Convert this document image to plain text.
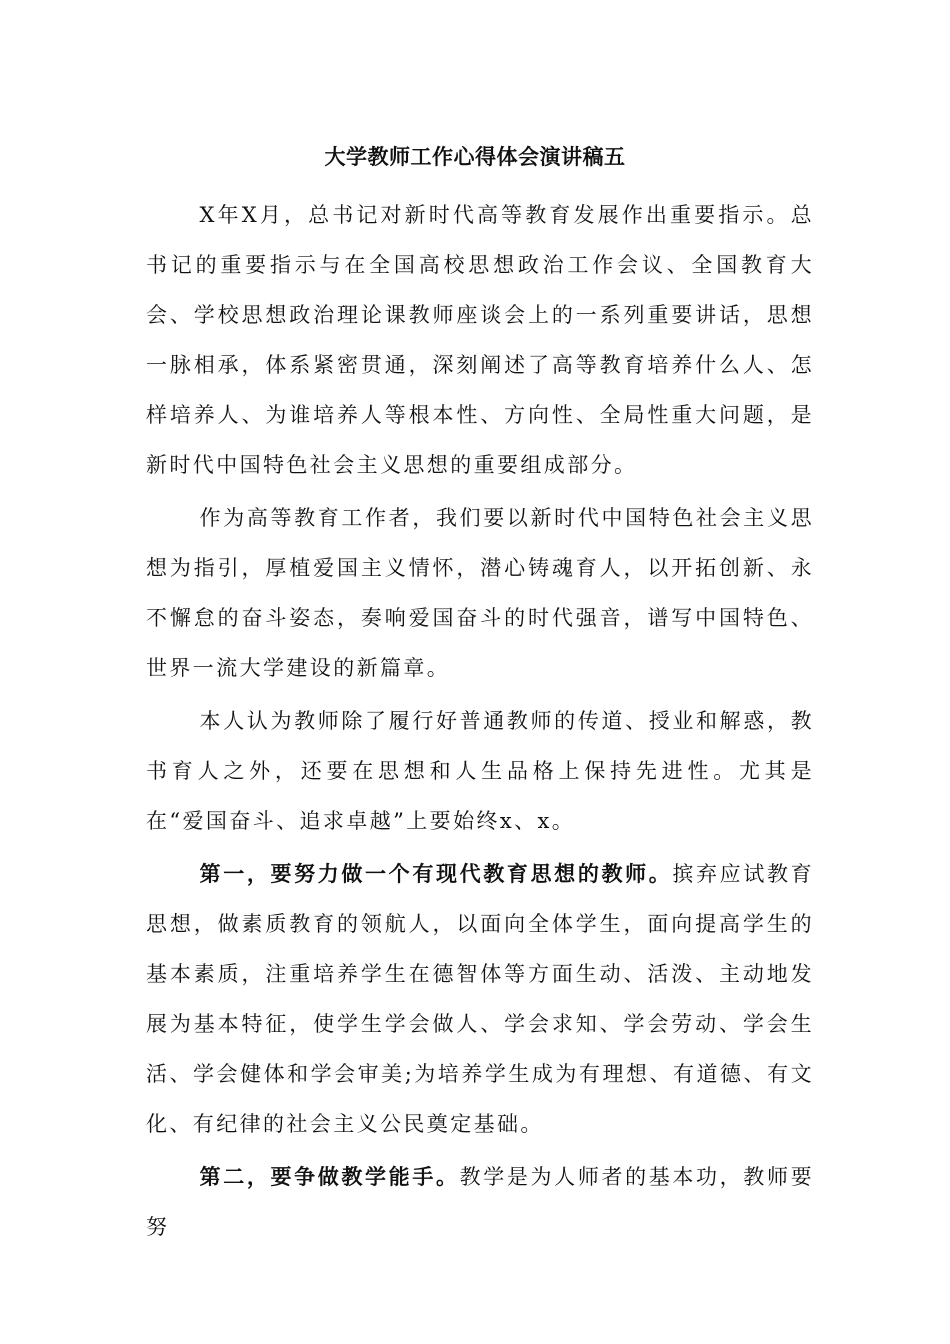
大学教师工作心得体会演讲稿五

X年X月，总书记对新时代高等教育发展作出重要指示。总书记的重要指示与在全国高校思想政治工作会议、全国教育大会、学校思想政治理论课教师座谈会上的一系列重要讲话，思想一脉相承，体系紧密贯通，深刻阐述了高等教育培养什么人、怎样培养人、为谁培养人等根本性、方向性、全局性重大问题，是新时代中国特色社会主义思想的重要组成部分。

作为高等教育工作者，我们要以新时代中国特色社会主义思想为指引，厚植爱国主义情怀，潜心铸魂育人，以开拓创新、永不懈怠的奋斗姿态，奏响爱国奋斗的时代强音，谱写中国特色、世界一流大学建设的新篇章。

本人认为教师除了履行好普通教师的传道、授业和解惑，教书育人之外，还要在思想和人生品格上保持先进性。尤其是在“爱国奋斗、追求卓越”上要始终x、x。

第一，要努力做一个有现代教育思想的教师。摈弃应试教育思想，做素质教育的领航人，以面向全体学生，面向提高学生的基本素质，注重培养学生在德智体等方面生动、活泼、主动地发展为基本特征，使学生学会做人、学会求知、学会劳动、学会生活、学会健体和学会审美;为培养学生成为有理想、有道德、有文化、有纪律的社会主义公民奠定基础。

第二，要争做教学能手。教学是为人师者的基本功，教师要努
